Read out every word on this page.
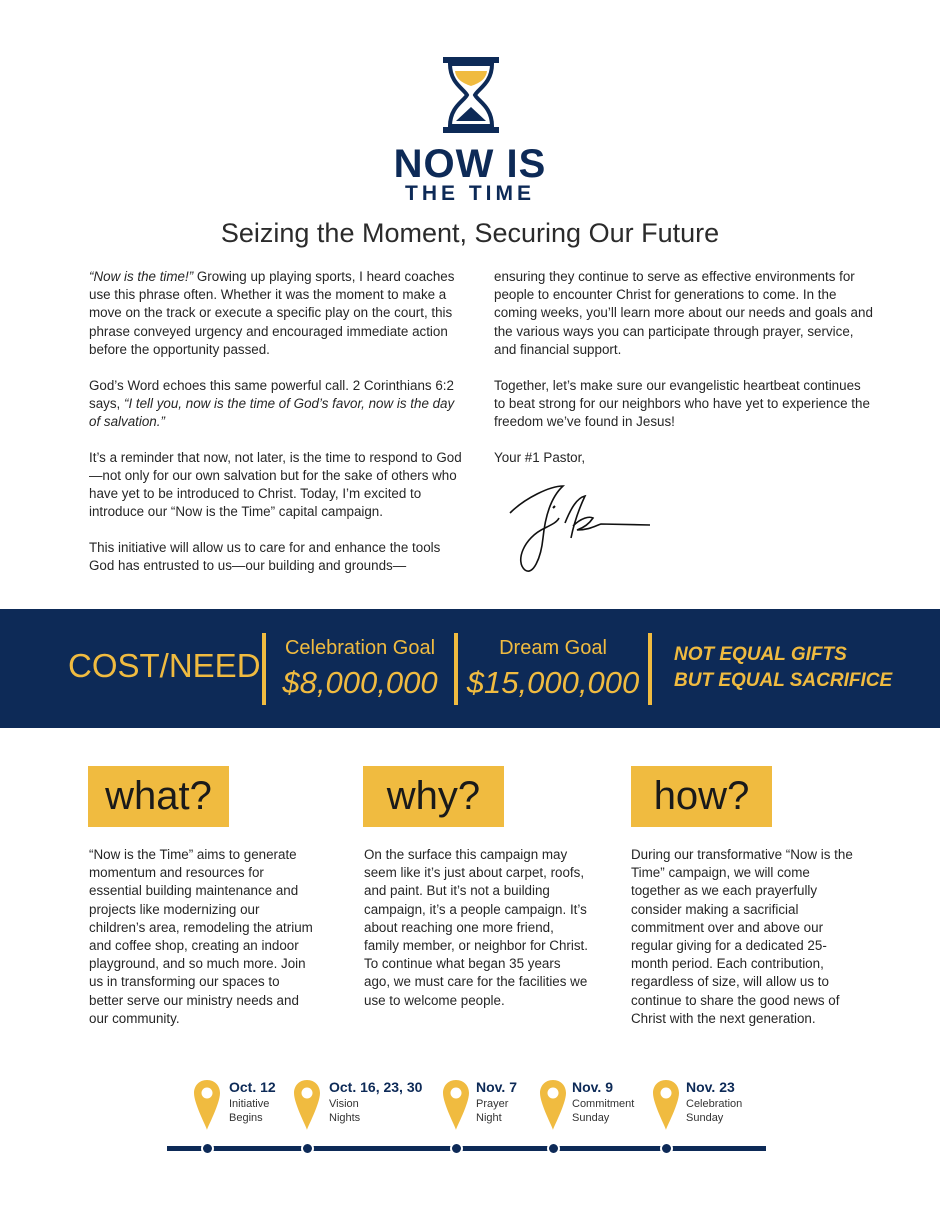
NOW IS
THE TIME
Seizing the Moment, Securing Our Future

“Now is the time!” Growing up playing sports, I heard coaches use this phrase often. Whether it was the moment to make a move on the track or execute a specific play on the court, this phrase conveyed urgency and encouraged immediate action before the opportunity passed.

God’s Word echoes this same powerful call. 2 Corinthians 6:2 says, “I tell you, now is the time of God’s favor, now is the day of salvation.”

It’s a reminder that now, not later, is the time to respond to God—not only for our own salvation but for the sake of others who have yet to be introduced to Christ. Today, I’m excited to introduce our “Now is the Time” capital campaign.

This initiative will allow us to care for and enhance the tools God has entrusted to us—our building and grounds—

ensuring they continue to serve as effective environments for people to encounter Christ for generations to come. In the coming weeks, you’ll learn more about our needs and goals and the various ways you can participate through prayer, service, and financial support.

Together, let’s make sure our evangelistic heartbeat continues to beat strong for our neighbors who have yet to experience the freedom we’ve found in Jesus!

Your #1 Pastor,

COST/NEED	Celebration Goal
$8,000,000
Dream Goal
$15,000,000
NOT EQUAL GIFTS
BUT EQUAL SACRIFICE
what?
“Now is the Time” aims to generate momentum and resources for essential building maintenance and projects like modernizing our children’s area, remodeling the atrium and coffee shop, creating an indoor playground, and so much more. Join us in transforming our spaces to better serve our ministry needs and our community.
why?
On the surface this campaign may seem like it’s just about carpet, roofs, and paint. But it’s not a building campaign, it’s a people campaign. It’s about reaching one more friend, family member, or neighbor for Christ. To continue what began 35 years ago, we must care for the facilities we use to welcome people.
how?
During our transformative “Now is the Time” campaign, we will come together as we each prayerfully consider making a sacrificial commitment over and above our regular giving for a dedicated 25-month period. Each contribution, regardless of size, will allow us to continue to share the good news of Christ with the next generation.
Oct. 12
Initiative
Begins
Oct. 16, 23, 30
Vision
Nights
Nov. 7
Prayer
Night
Nov. 9
Commitment
Sunday
Nov. 23
Celebration
Sunday
